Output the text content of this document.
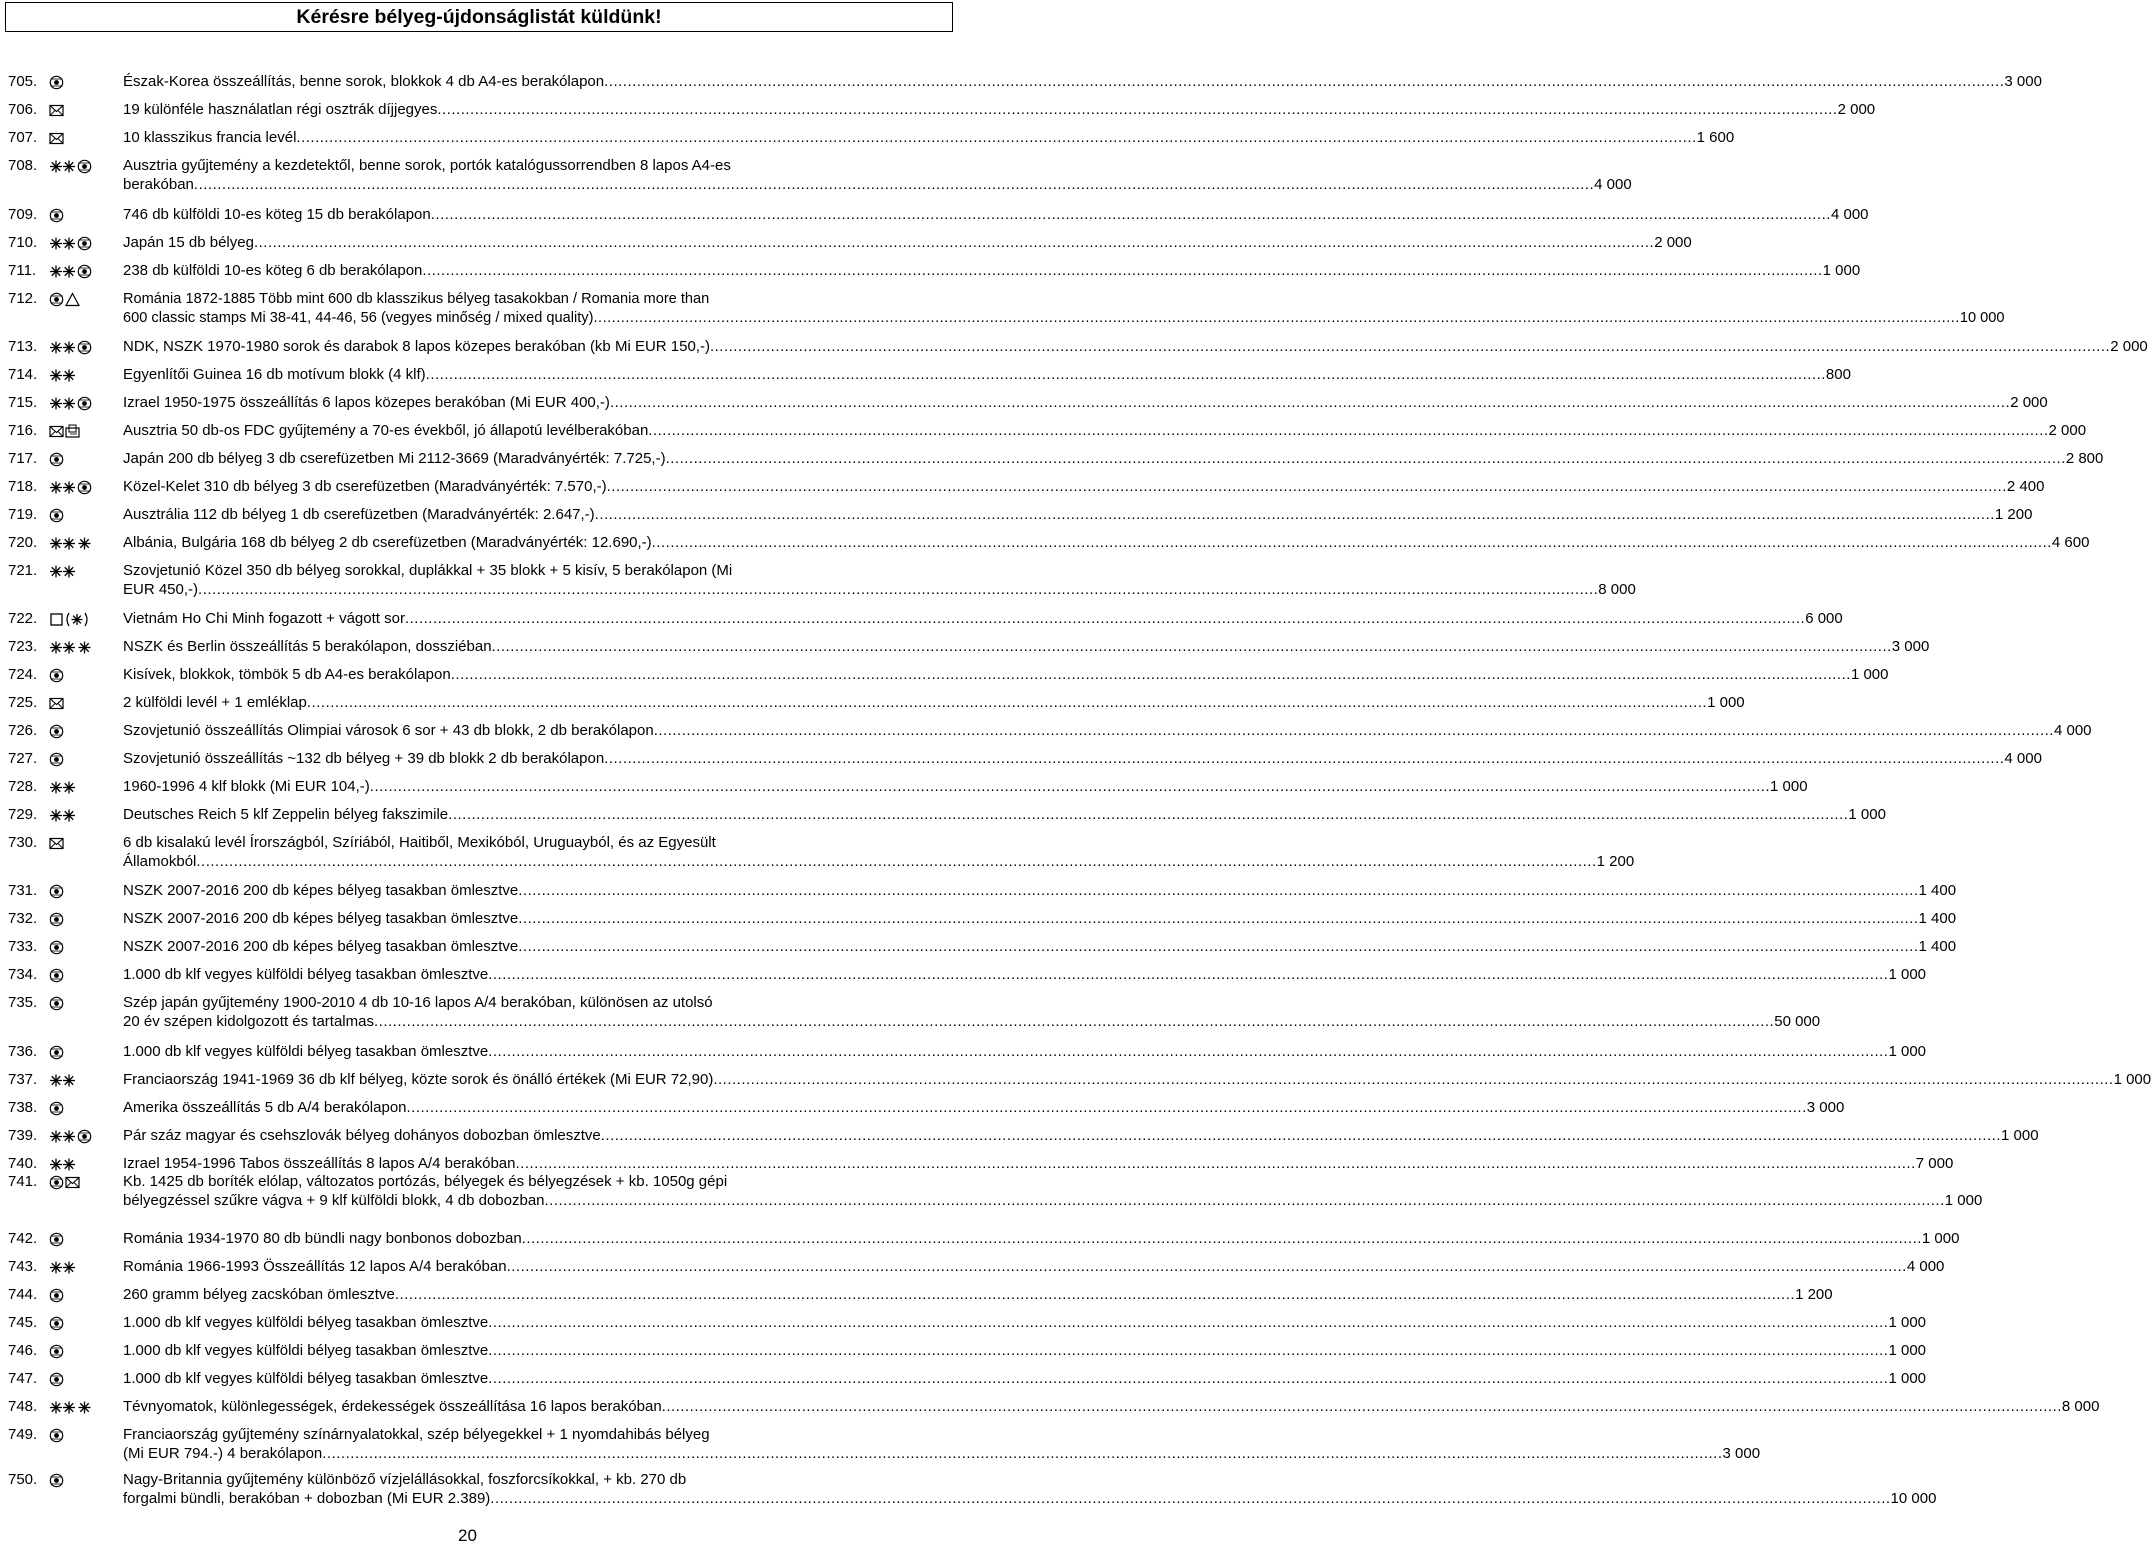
Kérésre bélyeg-újdonságlistát küldünk!
705.	Észak-Korea összeállítás, benne sorok, blokkok 4 db A4-es berakólapon ............................................................................................................................................................................................................................................................................................................ 3 000
706.	19 különféle használatlan régi osztrák díjjegyes ............................................................................................................................................................................................................................................................................................................ 2 000
707.	10 klasszikus francia levél ............................................................................................................................................................................................................................................................................................................ 1 600
708.	Ausztria gyűjtemény a kezdetektől, benne sorok, portók katalógussorrendben 8 lapos A4-es
berakóban ............................................................................................................................................................................................................................................................................................................ 4 000
709.	746 db külföldi 10-es köteg 15 db berakólapon ............................................................................................................................................................................................................................................................................................................ 4 000
710.	Japán 15 db bélyeg ............................................................................................................................................................................................................................................................................................................ 2 000
711.	238 db külföldi 10-es köteg 6 db berakólapon ............................................................................................................................................................................................................................................................................................................ 1 000
712.	Románia 1872-1885 Több mint 600 db klasszikus bélyeg tasakokban / Romania more than
600 classic stamps Mi 38-41, 44-46, 56 (vegyes minőség / mixed quality) ............................................................................................................................................................................................................................................................................................................ 10 000
713.	NDK, NSZK 1970-1980 sorok és darabok 8 lapos közepes berakóban (kb Mi EUR 150,-) ............................................................................................................................................................................................................................................................................................................ 2 000
714.	Egyenlítői Guinea 16 db motívum blokk (4 klf) ............................................................................................................................................................................................................................................................................................................ 800
715.	Izrael 1950-1975 összeállítás 6 lapos közepes berakóban (Mi EUR 400,-) ............................................................................................................................................................................................................................................................................................................ 2 000
716.	Ausztria 50 db-os FDC gyűjtemény a 70-es évekből, jó állapotú levélberakóban ............................................................................................................................................................................................................................................................................................................ 2 000
717.	Japán 200 db bélyeg 3 db cserefüzetben Mi 2112-3669 (Maradványérték: 7.725,-) ............................................................................................................................................................................................................................................................................................................ 2 800
718.	Közel-Kelet 310 db bélyeg 3 db cserefüzetben (Maradványérték: 7.570,-) ............................................................................................................................................................................................................................................................................................................ 2 400
719.	Ausztrália 112 db bélyeg 1 db cserefüzetben (Maradványérték: 2.647,-) ............................................................................................................................................................................................................................................................................................................ 1 200
720.	Albánia, Bulgária 168 db bélyeg 2 db cserefüzetben (Maradványérték: 12.690,-) ............................................................................................................................................................................................................................................................................................................ 4 600
721.	Szovjetunió Közel 350 db bélyeg sorokkal, duplákkal + 35 blokk + 5 kisív, 5 berakólapon (Mi
EUR 450,-) ............................................................................................................................................................................................................................................................................................................ 8 000
722.	Vietnám Ho Chi Minh fogazott + vágott sor ............................................................................................................................................................................................................................................................................................................ 6 000
723.	NSZK és Berlin összeállítás 5 berakólapon, dossziéban ............................................................................................................................................................................................................................................................................................................ 3 000
724.	Kisívek, blokkok, tömbök 5 db A4-es berakólapon ............................................................................................................................................................................................................................................................................................................ 1 000
725.	2 külföldi levél + 1 emléklap ............................................................................................................................................................................................................................................................................................................ 1 000
726.	Szovjetunió összeállítás Olimpiai városok 6 sor + 43 db blokk, 2 db berakólapon ............................................................................................................................................................................................................................................................................................................ 4 000
727.	Szovjetunió összeállítás ~132 db bélyeg + 39 db blokk 2 db berakólapon ............................................................................................................................................................................................................................................................................................................ 4 000
728.	1960-1996 4 klf blokk (Mi EUR 104,-) ............................................................................................................................................................................................................................................................................................................ 1 000
729.	Deutsches Reich 5 klf Zeppelin bélyeg fakszimile ............................................................................................................................................................................................................................................................................................................ 1 000
730.	6 db kisalakú levél Írországból, Szíriából, Haitiből, Mexikóból, Uruguayból, és az Egyesült
Államokból ............................................................................................................................................................................................................................................................................................................ 1 200
731.	NSZK 2007-2016 200 db képes bélyeg tasakban ömlesztve ............................................................................................................................................................................................................................................................................................................ 1 400
732.	NSZK 2007-2016 200 db képes bélyeg tasakban ömlesztve ............................................................................................................................................................................................................................................................................................................ 1 400
733.	NSZK 2007-2016 200 db képes bélyeg tasakban ömlesztve ............................................................................................................................................................................................................................................................................................................ 1 400
734.	1.000 db klf vegyes külföldi bélyeg tasakban ömlesztve ............................................................................................................................................................................................................................................................................................................ 1 000
735.	Szép japán gyűjtemény 1900-2010 4 db 10-16 lapos A/4 berakóban, különösen az utolsó
20 év szépen kidolgozott és tartalmas ............................................................................................................................................................................................................................................................................................................ 50 000
736.	1.000 db klf vegyes külföldi bélyeg tasakban ömlesztve ............................................................................................................................................................................................................................................................................................................ 1 000
737.	Franciaország 1941-1969 36 db klf bélyeg, közte sorok és önálló értékek (Mi EUR 72,90) ............................................................................................................................................................................................................................................................................................................ 1 000
738.	Amerika összeállítás 5 db A/4 berakólapon ............................................................................................................................................................................................................................................................................................................ 3 000
739.	Pár száz magyar és csehszlovák bélyeg dohányos dobozban ömlesztve ............................................................................................................................................................................................................................................................................................................ 1 000
740.	Izrael 1954-1996 Tabos összeállítás 8 lapos A/4 berakóban ............................................................................................................................................................................................................................................................................................................ 7 000
741.	Kb. 1425 db boríték elólap, változatos portózás, bélyegek és bélyegzések + kb. 1050g gépi
bélyegzéssel szűkre vágva + 9 klf külföldi blokk, 4 db dobozban ............................................................................................................................................................................................................................................................................................................ 1 000
742.	Románia 1934-1970 80 db bündli nagy bonbonos dobozban ............................................................................................................................................................................................................................................................................................................ 1 000
743.	Románia 1966-1993 Összeállítás 12 lapos A/4 berakóban ............................................................................................................................................................................................................................................................................................................ 4 000
744.	260 gramm bélyeg zacskóban ömlesztve ............................................................................................................................................................................................................................................................................................................ 1 200
745.	1.000 db klf vegyes külföldi bélyeg tasakban ömlesztve ............................................................................................................................................................................................................................................................................................................ 1 000
746.	1.000 db klf vegyes külföldi bélyeg tasakban ömlesztve ............................................................................................................................................................................................................................................................................................................ 1 000
747.	1.000 db klf vegyes külföldi bélyeg tasakban ömlesztve ............................................................................................................................................................................................................................................................................................................ 1 000
748.	Tévnyomatok, különlegességek, érdekességek összeállítása 16 lapos berakóban ............................................................................................................................................................................................................................................................................................................ 8 000
749.	Franciaország gyűjtemény színárnyalatokkal, szép bélyegekkel + 1 nyomdahibás bélyeg
(Mi EUR 794.-) 4 berakólapon ............................................................................................................................................................................................................................................................................................................ 3 000
750.	Nagy-Britannia gyűjtemény különböző vízjelállásokkal, foszforcsíkokkal, + kb. 270 db
forgalmi bündli, berakóban + dobozban (Mi EUR 2.389) ............................................................................................................................................................................................................................................................................................................ 10 000
20
